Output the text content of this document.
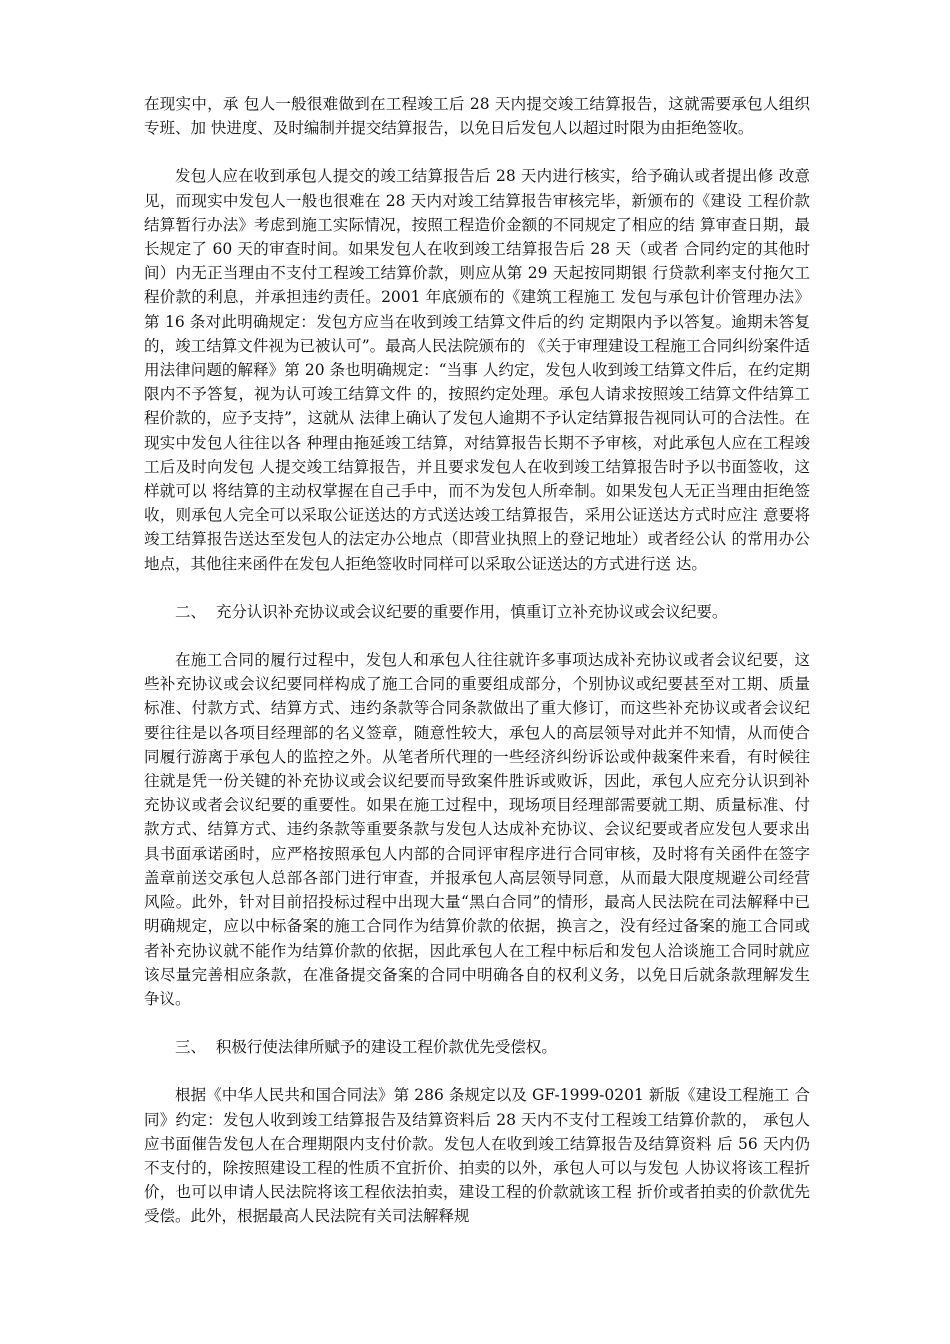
在现实中，承 包人一般很难做到在工程竣工后 28 天内提交竣工结算报告，这就需要承包人组织专班、加 快进度、及时编制并提交结算报告，以免日后发包人以超过时限为由拒绝签收。

发包人应在收到承包人提交的竣工结算报告后 28 天内进行核实，给予确认或者提出修 改意见，而现实中发包人一般也很难在 28 天内对竣工结算报告审核完毕，新颁布的《建设 工程价款结算暂行办法》考虑到施工实际情况，按照工程造价金额的不同规定了相应的结 算审查日期，最长规定了 60 天的审查时间。如果发包人在收到竣工结算报告后 28 天（或者 合同约定的其他时间）内无正当理由不支付工程竣工结算价款，则应从第 29 天起按同期银 行贷款利率支付拖欠工程价款的利息，并承担违约责任。2001 年底颁布的《建筑工程施工 发包与承包计价管理办法》第 16 条对此明确规定：发包方应当在收到竣工结算文件后的约 定期限内予以答复。逾期未答复的，竣工结算文件视为已被认可”。最高人民法院颁布的 《关于审理建设工程施工合同纠纷案件适用法律问题的解释》第 20 条也明确规定：“当事 人约定，发包人收到竣工结算文件后，在约定期限内不予答复，视为认可竣工结算文件 的，按照约定处理。承包人请求按照竣工结算文件结算工程价款的，应予支持”，这就从 法律上确认了发包人逾期不予认定结算报告视同认可的合法性。在现实中发包人往往以各 种理由拖延竣工结算，对结算报告长期不予审核，对此承包人应在工程竣工后及时向发包 人提交竣工结算报告，并且要求发包人在收到竣工结算报告时予以书面签收，这样就可以 将结算的主动权掌握在自己手中，而不为发包人所牵制。如果发包人无正当理由拒绝签 收，则承包人完全可以采取公证送达的方式送达竣工结算报告，采用公证送达方式时应注 意要将竣工结算报告送达至发包人的法定办公地点（即营业执照上的登记地址）或者经公认 的常用办公地点，其他往来函件在发包人拒绝签收时同样可以采取公证送达的方式进行送 达。

二、  充分认识补充协议或会议纪要的重要作用，慎重订立补充协议或会议纪要。

在施工合同的履行过程中，发包人和承包人往往就许多事项达成补充协议或者会议纪要，这些补充协议或会议纪要同样构成了施工合同的重要组成部分，个别协议或纪要甚至对工期、质量标准、付款方式、结算方式、违约条款等合同条款做出了重大修订，而这些补充协议或者会议纪要往往是以各项目经理部的名义签章，随意性较大，承包人的高层领导对此并不知情，从而使合同履行游离于承包人的监控之外。从笔者所代理的一些经济纠纷诉讼或仲裁案件来看，有时候往往就是凭一份关键的补充协议或会议纪要而导致案件胜诉或败诉，因此，承包人应充分认识到补充协议或者会议纪要的重要性。如果在施工过程中，现场项目经理部需要就工期、质量标准、付款方式、结算方式、违约条款等重要条款与发包人达成补充协议、会议纪要或者应发包人要求出具书面承诺函时，应严格按照承包人内部的合同评审程序进行合同审核，及时将有关函件在签字盖章前送交承包人总部各部门进行审查，并报承包人高层领导同意，从而最大限度规避公司经营风险。此外，针对目前招投标过程中出现大量“黑白合同”的情形，最高人民法院在司法解释中已明确规定，应以中标备案的施工合同作为结算价款的依据，换言之，没有经过备案的施工合同或者补充协议就不能作为结算价款的依据，因此承包人在工程中标后和发包人洽谈施工合同时就应该尽量完善相应条款，在准备提交备案的合同中明确各自的权利义务，以免日后就条款理解发生争议。

三、  积极行使法律所赋予的建设工程价款优先受偿权。

根据《中华人民共和国合同法》第 286 条规定以及 GF-1999-0201 新版《建设工程施工 合同》约定：发包人收到竣工结算报告及结算资料后 28 天内不支付工程竣工结算价款的， 承包人应书面催告发包人在合理期限内支付价款。发包人在收到竣工结算报告及结算资料 后 56 天内仍不支付的，除按照建设工程的性质不宜折价、拍卖的以外，承包人可以与发包 人协议将该工程折价，也可以申请人民法院将该工程依法拍卖，建设工程的价款就该工程 折价或者拍卖的价款优先受偿。此外，根据最高人民法院有关司法解释规
